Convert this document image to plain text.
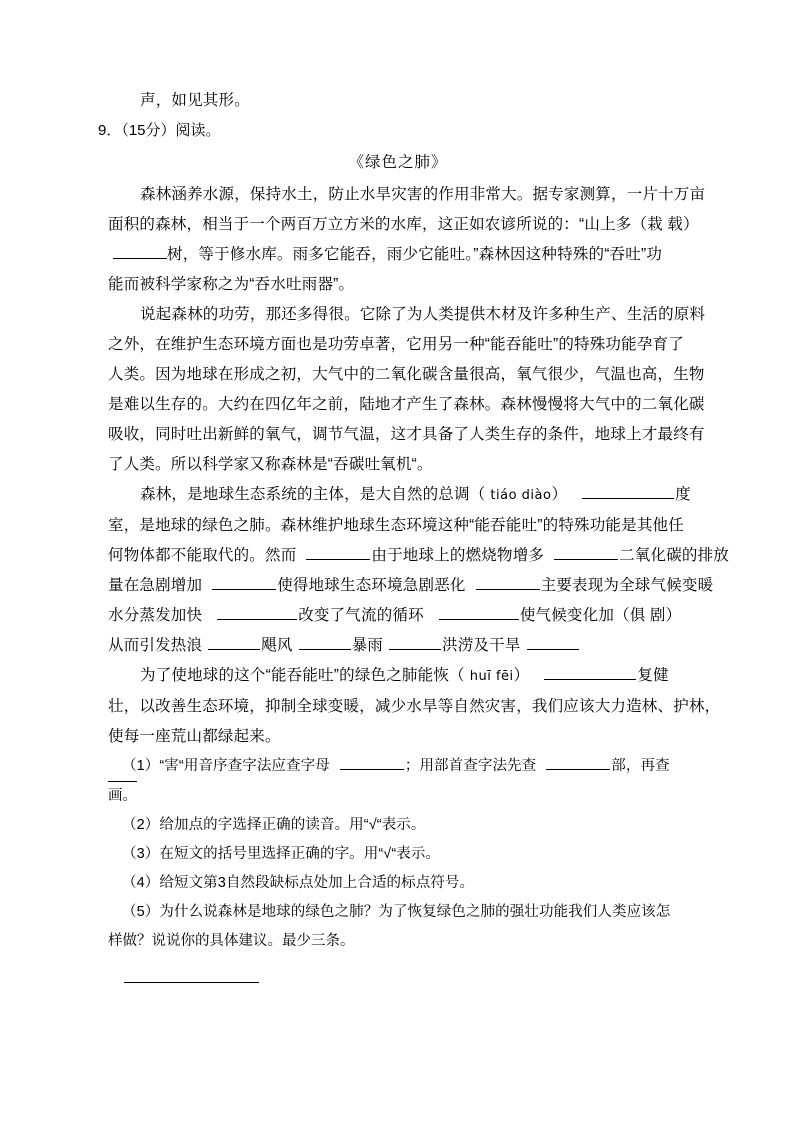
声，如见其形。
9．（15分）阅读。
《绿色之肺》
森林涵养水源，保持水土，防止水旱灾害的作用非常大。据专家测算，一片十万亩
面积的森林，相当于一个两百万立方米的水库，这正如农谚所说的：“山上多（栽 载）
树，等于修水库。雨多它能吞，雨少它能吐。”森林因这种特殊的“吞吐”功
能而被科学家称之为“吞水吐雨器”。
说起森林的功劳，那还多得很。它除了为人类提供木材及许多种生产、生活的原料
之外，在维护生态环境方面也是功劳卓著，它用另一种“能吞能吐”的特殊功能孕育了
人类。因为地球在形成之初，大气中的二氧化碳含量很高，氧气很少，气温也高，生物
是难以生存的。大约在四亿年之前，陆地才产生了森林。森林慢慢将大气中的二氧化碳
吸收，同时吐出新鲜的氧气，调节气温，这才具备了人类生存的条件，地球上才最终有
了人类。所以科学家又称森林是“吞碳吐氧机“。
森林，是地球生态系统的主体，是大自然的总调（ tiáo diào）	度
室，是地球的绿色之肺。森林维护地球生态环境这种“能吞能吐”的特殊功能是其他任
何物体都不能取代的。然而	由于地球上的燃烧物增多	二氧化碳的排放
量在急剧增加	使得地球生态环境急剧恶化	主要表现为全球气候变暖
水分蒸发加快	改变了气流的循环	使气候变化加（俱 剧）
从而引发热浪	飓风	暴雨	洪涝及干旱
为了使地球的这个“能吞能吐”的绿色之肺能恢（ huī fēi）	复健
壮，以改善生态环境，抑制全球变暖，减少水旱等自然灾害，我们应该大力造林、护林，
使每一座荒山都绿起来。
（1）“害“用音序查字法应查字母	；用部首查字法先查	部，再查
画。
（2）给加点的字选择正确的读音。用“√“表示。
（3）在短文的括号里选择正确的字。用“√“表示。
（4）给短文第3自然段缺标点处加上合适的标点符号。
（5）为什么说森林是地球的绿色之肺？为了恢复绿色之肺的强壮功能我们人类应该怎
样做？说说你的具体建议。最少三条。
